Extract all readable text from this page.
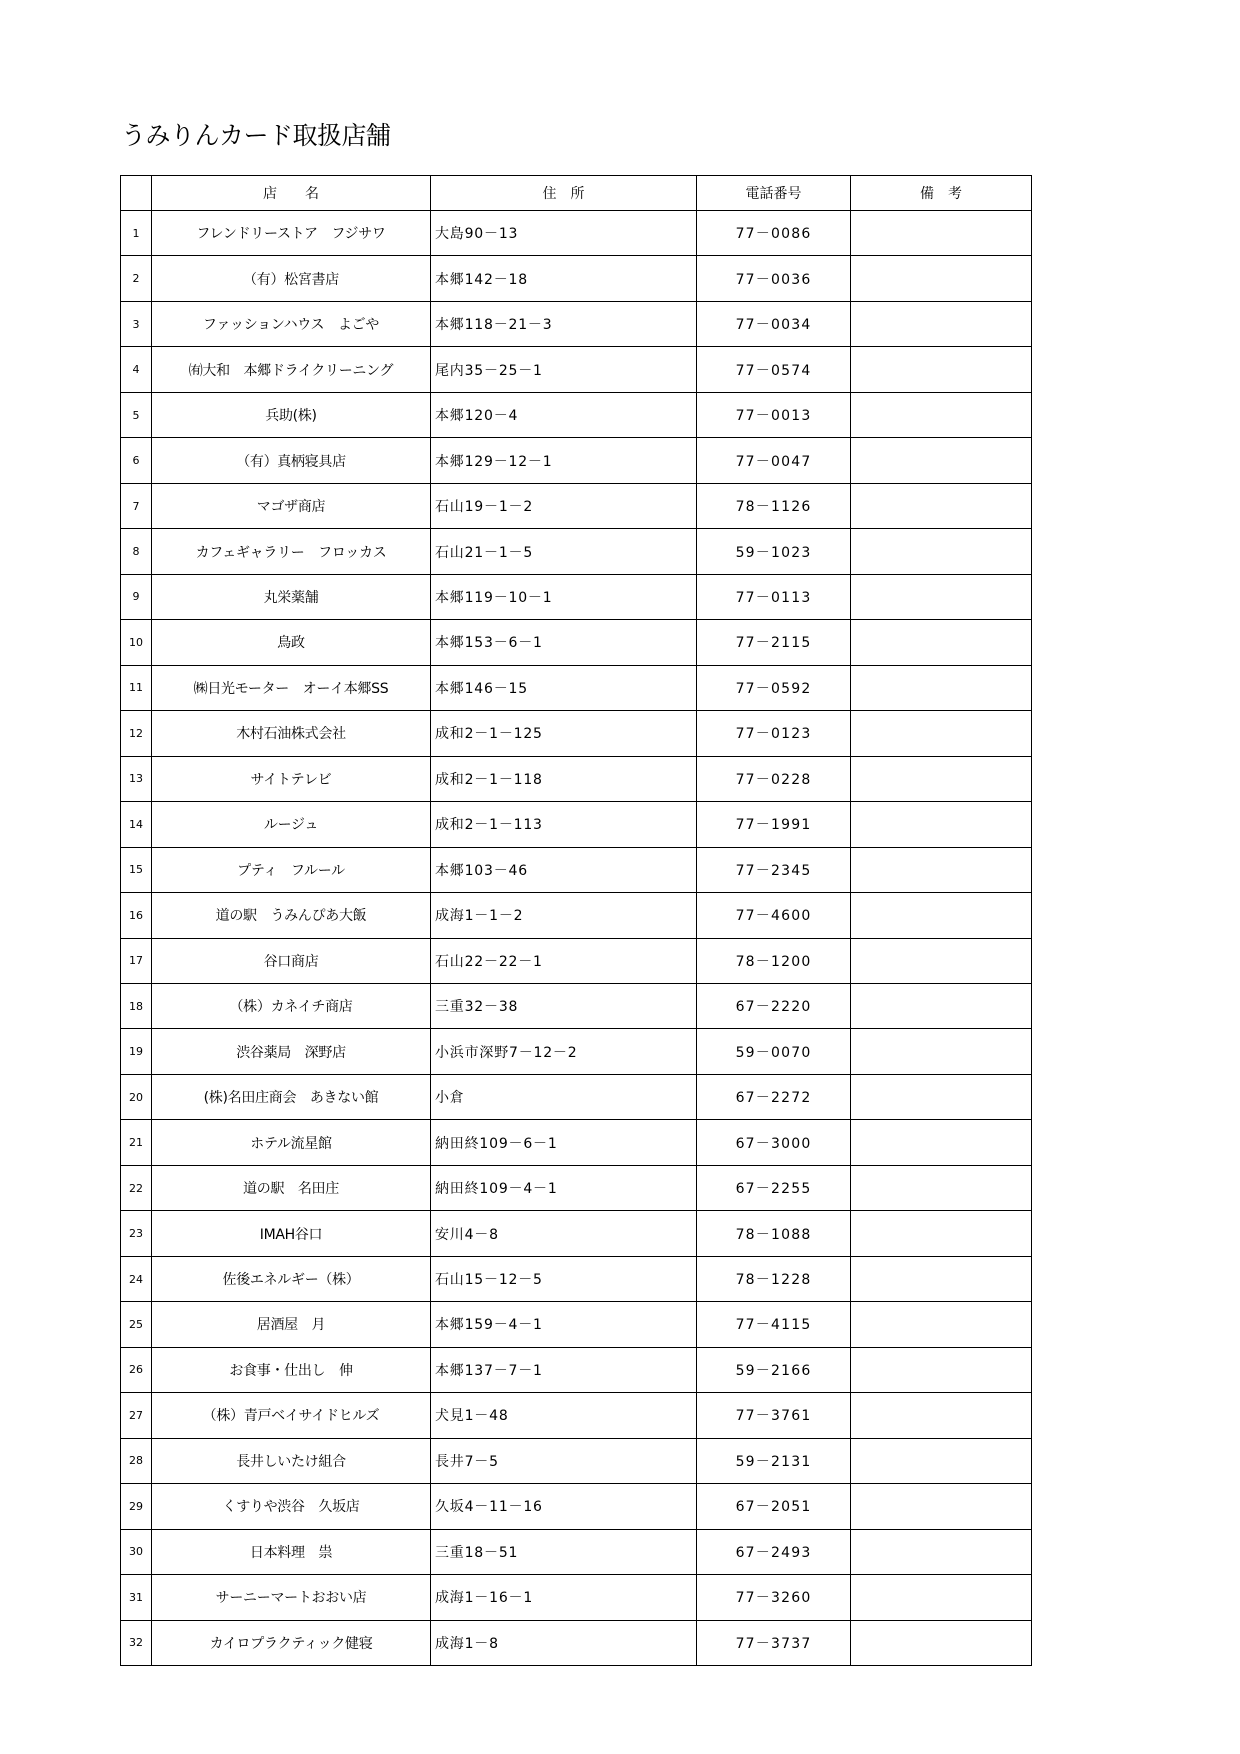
うみりんカード取扱店舗
	店　　名	住　所	電話番号	備　考
1	フレンドリーストア　フジサワ	大島90－13	77－0086	
2	（有）松宮書店	本郷142－18	77－0036	
3	ファッションハウス　よごや	本郷118－21－3	77－0034	
4	㈲大和　本郷ドライクリーニング	尾内35－25－1	77－0574	
5	兵助(株)	本郷120－4	77－0013	
6	（有）真柄寝具店	本郷129－12－1	77－0047	
7	マゴザ商店	石山19－1－2	78－1126	
8	カフェギャラリー　フロッカス	石山21－1－5	59－1023	
9	丸栄薬舗	本郷119－10－1	77－0113	
10	鳥政	本郷153－6－1	77－2115	
11	㈱日光モーター　オーイ本郷SS	本郷146－15	77－0592	
12	木村石油株式会社	成和2－1－125	77－0123	
13	サイトテレビ	成和2－1－118	77－0228	
14	ルージュ	成和2－1－113	77－1991	
15	プティ　フルール	本郷103－46	77－2345	
16	道の駅　うみんぴあ大飯	成海1－1－2	77－4600	
17	谷口商店	石山22－22－1	78－1200	
18	（株）カネイチ商店	三重32－38	67－2220	
19	渋谷薬局　深野店	小浜市深野7－12－2	59－0070	
20	(株)名田庄商会　あきない館	小倉	67－2272	
21	ホテル流星館	納田終109－6－1	67－3000	
22	道の駅　名田庄	納田終109－4－1	67－2255	
23	IMAH谷口	安川4－8	78－1088	
24	佐後エネルギー（株）	石山15－12－5	78－1228	
25	居酒屋　月	本郷159－4－1	77－4115	
26	お食事・仕出し　伸	本郷137－7－1	59－2166	
27	（株）青戸ベイサイドヒルズ	犬見1－48	77－3761	
28	長井しいたけ組合	長井7－5	59－2131	
29	くすりや渋谷　久坂店	久坂4－11－16	67－2051	
30	日本料理　祟	三重18－51	67－2493	
31	サーニーマートおおい店	成海1－16－1	77－3260	
32	カイロプラクティック健寝	成海1－8	77－3737	
